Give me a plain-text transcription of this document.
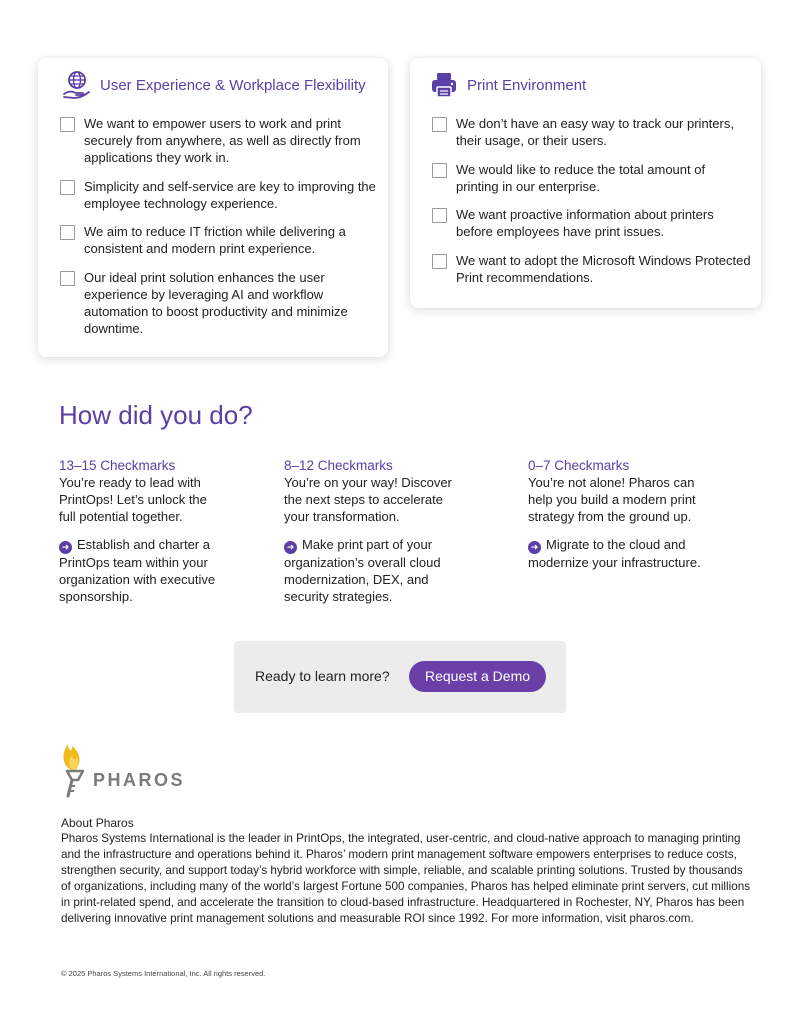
User Experience & Workplace Flexibility
We want to empower users to work and print securely from anywhere, as well as directly from applications they work in.
Simplicity and self-service are key to improving the employee technology experience.
We aim to reduce IT friction while delivering a consistent and modern print experience.
Our ideal print solution enhances the user experience by leveraging AI and workflow automation to boost productivity and minimize downtime.
Print Environment
We don’t have an easy way to track our printers, their usage, or their users.
We would like to reduce the total amount of printing in our enterprise.
We want proactive information about printers before employees have print issues.
We want to adopt the Microsoft Windows Protected Print recommendations.
How did you do?
13–15 Checkmarks
You’re ready to lead with PrintOps! Let’s unlock the full potential together.
➜ Establish and charter a PrintOps team within your organization with executive sponsorship.
8–12 Checkmarks
You’re on your way! Discover the next steps to accelerate your transformation.
➜ Make print part of your organization’s overall cloud modernization, DEX, and security strategies.
0–7 Checkmarks
You’re not alone! Pharos can help you build a modern print strategy from the ground up.
➜ Migrate to the cloud and modernize your infrastructure.
Ready to learn more?	Request a Demo
PHAROS
About Pharos
Pharos Systems International is the leader in PrintOps, the integrated, user-centric, and cloud-native approach to managing printing and the infrastructure and operations behind it. Pharos’ modern print management software empowers enterprises to reduce costs, strengthen security, and support today’s hybrid workforce with simple, reliable, and scalable printing solutions. Trusted by thousands of organizations, including many of the world’s largest Fortune 500 companies, Pharos has helped eliminate print servers, cut millions in print-related spend, and accelerate the transition to cloud-based infrastructure. Headquartered in Rochester, NY, Pharos has been delivering innovative print management solutions and measurable ROI since 1992. For more information, visit pharos.com.
© 2025 Pharos Systems International, Inc. All rights reserved.
